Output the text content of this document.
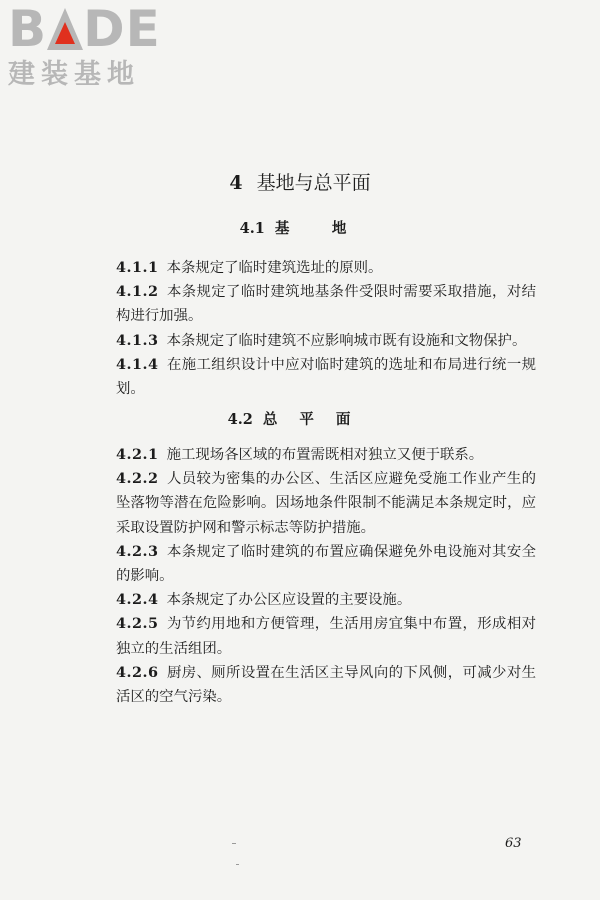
B DE
建装基地
4 基地与总平面
4.1 基　地

4.1.1 本条规定了临时建筑选址的原则。

4.1.2 本条规定了临时建筑地基条件受限时需要采取措施，对结构进行加强。

4.1.3 本条规定了临时建筑不应影响城市既有设施和文物保护。

4.1.4 在施工组织设计中应对临时建筑的选址和布局进行统一规划。

4.2 总平面

4.2.1 施工现场各区域的布置需既相对独立又便于联系。

4.2.2 人员较为密集的办公区、生活区应避免受施工作业产生的坠落物等潜在危险影响。因场地条件限制不能满足本条规定时，应采取设置防护网和警示标志等防护措施。

4.2.3 本条规定了临时建筑的布置应确保避免外电设施对其安全的影响。

4.2.4 本条规定了办公区应设置的主要设施。

4.2.5 为节约用地和方便管理，生活用房宜集中布置，形成相对独立的生活组团。

4.2.6 厨房、厕所设置在生活区主导风向的下风侧，可减少对生活区的空气污染。

63
